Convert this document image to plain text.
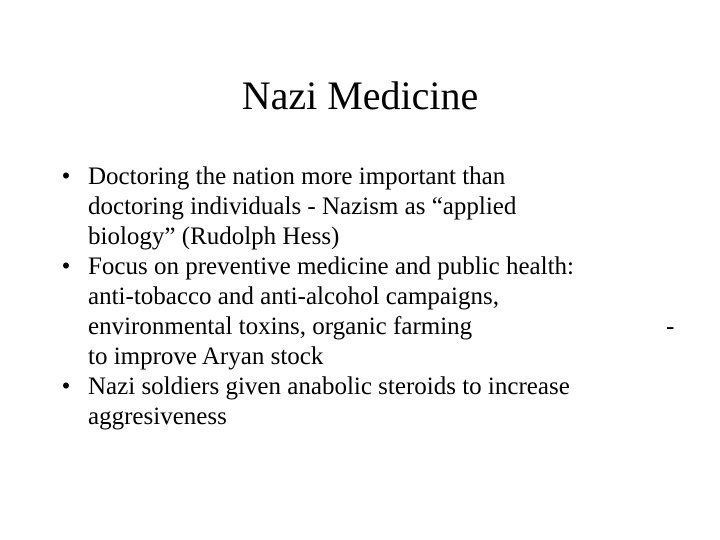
Nazi Medicine
• Doctoring the nation more important than
doctoring individuals - Nazism as “applied
biology” (Rudolph Hess)
• Focus on preventive medicine and public health:
anti-tobacco and anti-alcohol campaigns,
environmental toxins, organic farming	-
to improve Aryan stock
• Nazi soldiers given anabolic steroids to increase
aggresiveness
